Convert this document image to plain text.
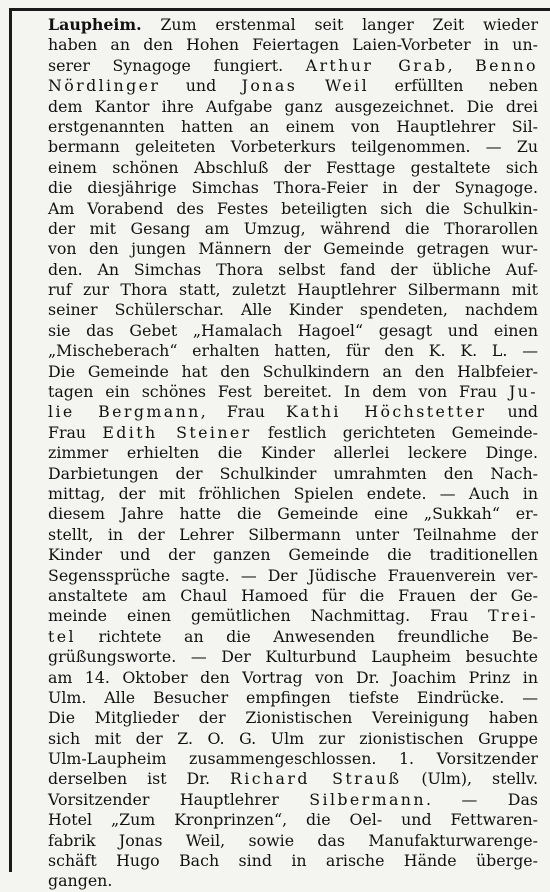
Laupheim. Zum erstenmal seit langer Zeit wieder
haben an den Hohen Feiertagen Laien-Vorbeter in un-
serer Synagoge fungiert. Arthur Grab, Benno
Nördlinger und Jonas Weil erfüllten neben
dem Kantor ihre Aufgabe ganz ausgezeichnet. Die drei
erstgenannten hatten an einem von Hauptlehrer Sil-
bermann geleiteten Vorbeterkurs teilgenommen. — Zu
einem schönen Abschluß der Festtage gestaltete sich
die diesjährige Simchas Thora-Feier in der Synagoge.
Am Vorabend des Festes beteiligten sich die Schulkin-
der mit Gesang am Umzug, während die Thorarollen
von den jungen Männern der Gemeinde getragen wur-
den. An Simchas Thora selbst fand der übliche Auf-
ruf zur Thora statt, zuletzt Hauptlehrer Silbermann mit
seiner Schülerschar. Alle Kinder spendeten, nachdem
sie das Gebet „Hamalach Hagoel“ gesagt und einen
„Mischeberach“ erhalten hatten, für den K. K. L. —
Die Gemeinde hat den Schulkindern an den Halbfeier-
tagen ein schönes Fest bereitet. In dem von Frau Ju-
lie Bergmann, Frau Kathi Höchstetter und
Frau Edith Steiner festlich gerichteten Gemeinde-
zimmer erhielten die Kinder allerlei leckere Dinge.
Darbietungen der Schulkinder umrahmten den Nach-
mittag, der mit fröhlichen Spielen endete. — Auch in
diesem Jahre hatte die Gemeinde eine „Sukkah“ er-
stellt, in der Lehrer Silbermann unter Teilnahme der
Kinder und der ganzen Gemeinde die traditionellen
Segenssprüche sagte. — Der Jüdische Frauenverein ver-
anstaltete am Chaul Hamoed für die Frauen der Ge-
meinde einen gemütlichen Nachmittag. Frau Trei-
tel richtete an die Anwesenden freundliche Be-
grüßungsworte. — Der Kulturbund Laupheim besuchte
am 14. Oktober den Vortrag von Dr. Joachim Prinz in
Ulm. Alle Besucher empfingen tiefste Eindrücke. —
Die Mitglieder der Zionistischen Vereinigung haben
sich mit der Z. O. G. Ulm zur zionistischen Gruppe
Ulm-Laupheim zusammengeschlossen. 1. Vorsitzender
derselben ist Dr. Richard Strauß (Ulm), stellv.
Vorsitzender Hauptlehrer Silbermann. — Das
Hotel „Zum Kronprinzen“, die Oel- und Fettwaren-
fabrik Jonas Weil, sowie das Manufakturwarenge-
schäft Hugo Bach sind in arische Hände übergе-
gangen.
